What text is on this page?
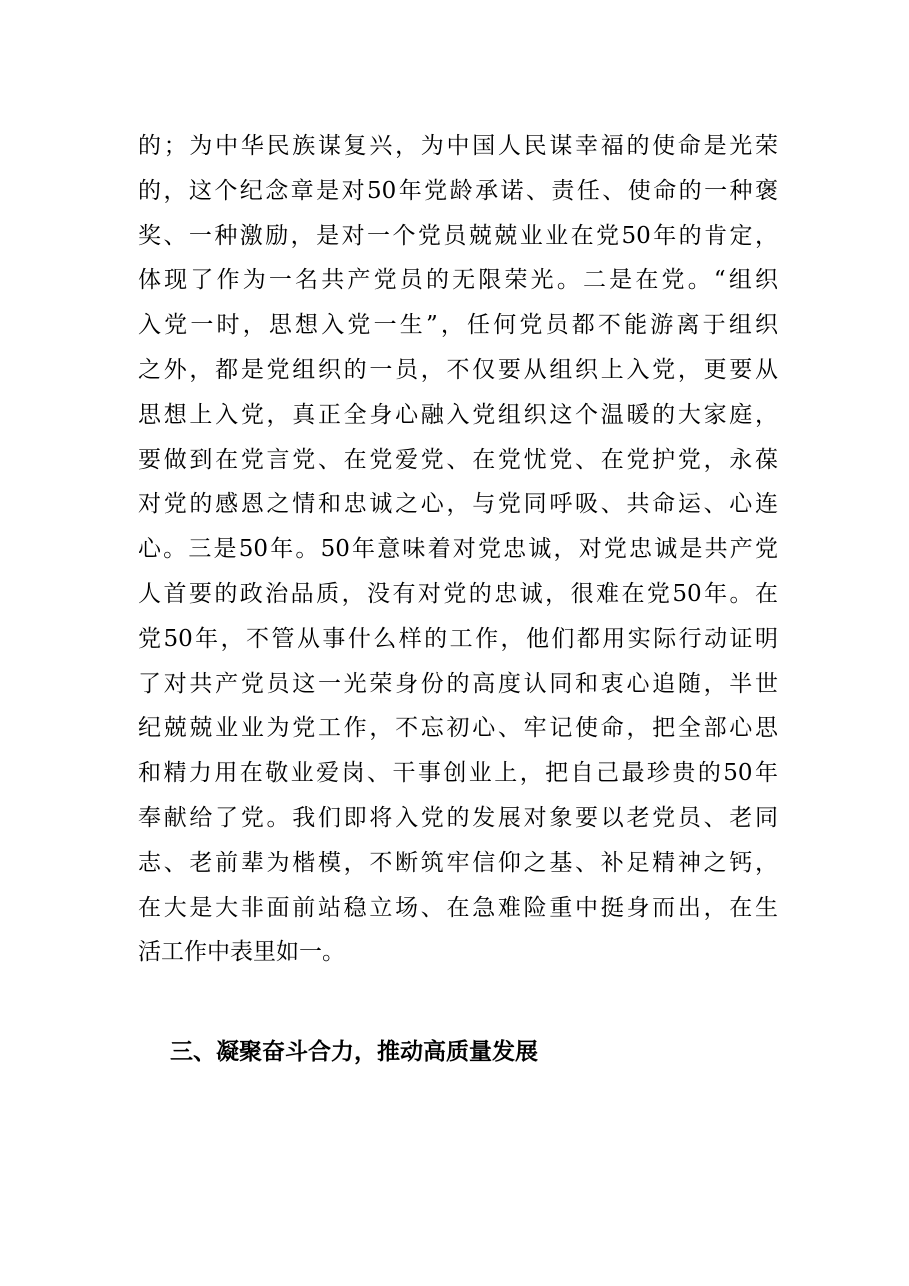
的；为中华民族谋复兴，为中国人民谋幸福的使命是光荣
的，这个纪念章是对50年党龄承诺、责任、使命的一种褒
奖、一种激励，是对一个党员兢兢业业在党50年的肯定，
体现了作为一名共产党员的无限荣光。二是在党。“组织
入党一时，思想入党一生”，任何党员都不能游离于组织
之外，都是党组织的一员，不仅要从组织上入党，更要从
思想上入党，真正全身心融入党组织这个温暖的大家庭，
要做到在党言党、在党爱党、在党忧党、在党护党，永葆
对党的感恩之情和忠诚之心，与党同呼吸、共命运、心连
心。三是50年。50年意味着对党忠诚，对党忠诚是共产党
人首要的政治品质，没有对党的忠诚，很难在党50年。在
党50年，不管从事什么样的工作，他们都用实际行动证明
了对共产党员这一光荣身份的高度认同和衷心追随，半世
纪兢兢业业为党工作，不忘初心、牢记使命，把全部心思
和精力用在敬业爱岗、干事创业上，把自己最珍贵的50年
奉献给了党。我们即将入党的发展对象要以老党员、老同
志、老前辈为楷模，不断筑牢信仰之基、补足精神之钙，
在大是大非面前站稳立场、在急难险重中挺身而出，在生
活工作中表里如一。
三、凝聚奋斗合力，推动高质量发展
